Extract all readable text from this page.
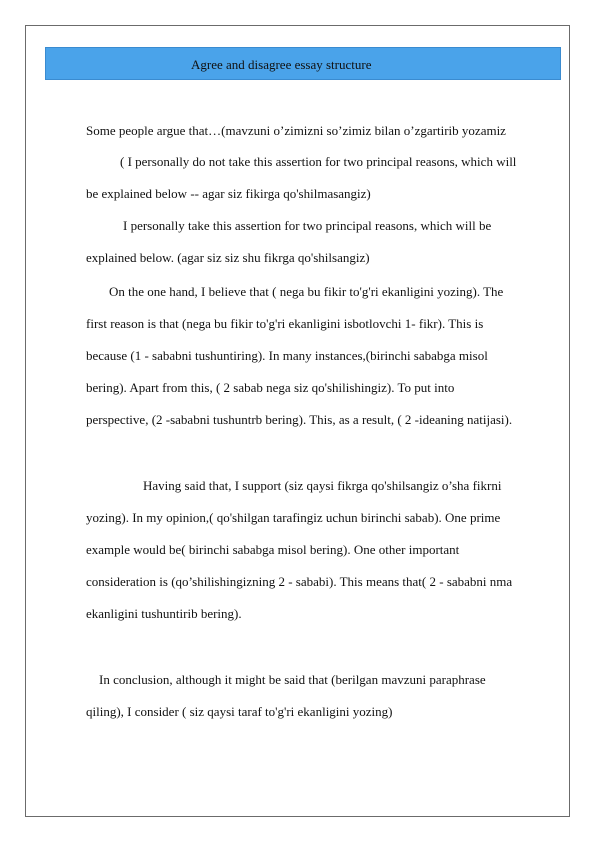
Agree and disagree essay structure
Some people argue that…(mavzuni o’zimizni so’zimiz bilan o’zgartirib yozamiz
( I personally do not take this assertion for two principal reasons, which will
be explained below -- agar siz fikirga qo'shilmasangiz)
I personally take this assertion for two principal reasons, which will be
explained below. (agar siz siz shu fikrga qo'shilsangiz)
On the one hand, I believe that ( nega bu fikir to'g'ri ekanligini yozing). The
first reason is that (nega bu fikir to'g'ri ekanligini isbotlovchi 1- fikr). This is
because (1 - sababni tushuntiring). In many instances,(birinchi sababga misol
bering). Apart from this, ( 2 sabab nega siz qo'shilishingiz). To put into
perspective, (2 -sababni tushuntrb bering). This, as a result, ( 2 -ideaning natijasi).
Having said that, I support (siz qaysi fikrga qo'shilsangiz o’sha fikrni
yozing). In my opinion,( qo'shilgan tarafingiz uchun birinchi sabab). One prime
example would be( birinchi sababga misol bering). One other important
consideration is (qo’shilishingizning 2 - sababi). This means that( 2 - sababni nma
ekanligini tushuntirib bering).
In conclusion, although it might be said that (berilgan mavzuni paraphrase
qiling), I consider ( siz qaysi taraf to'g'ri ekanligini yozing)
